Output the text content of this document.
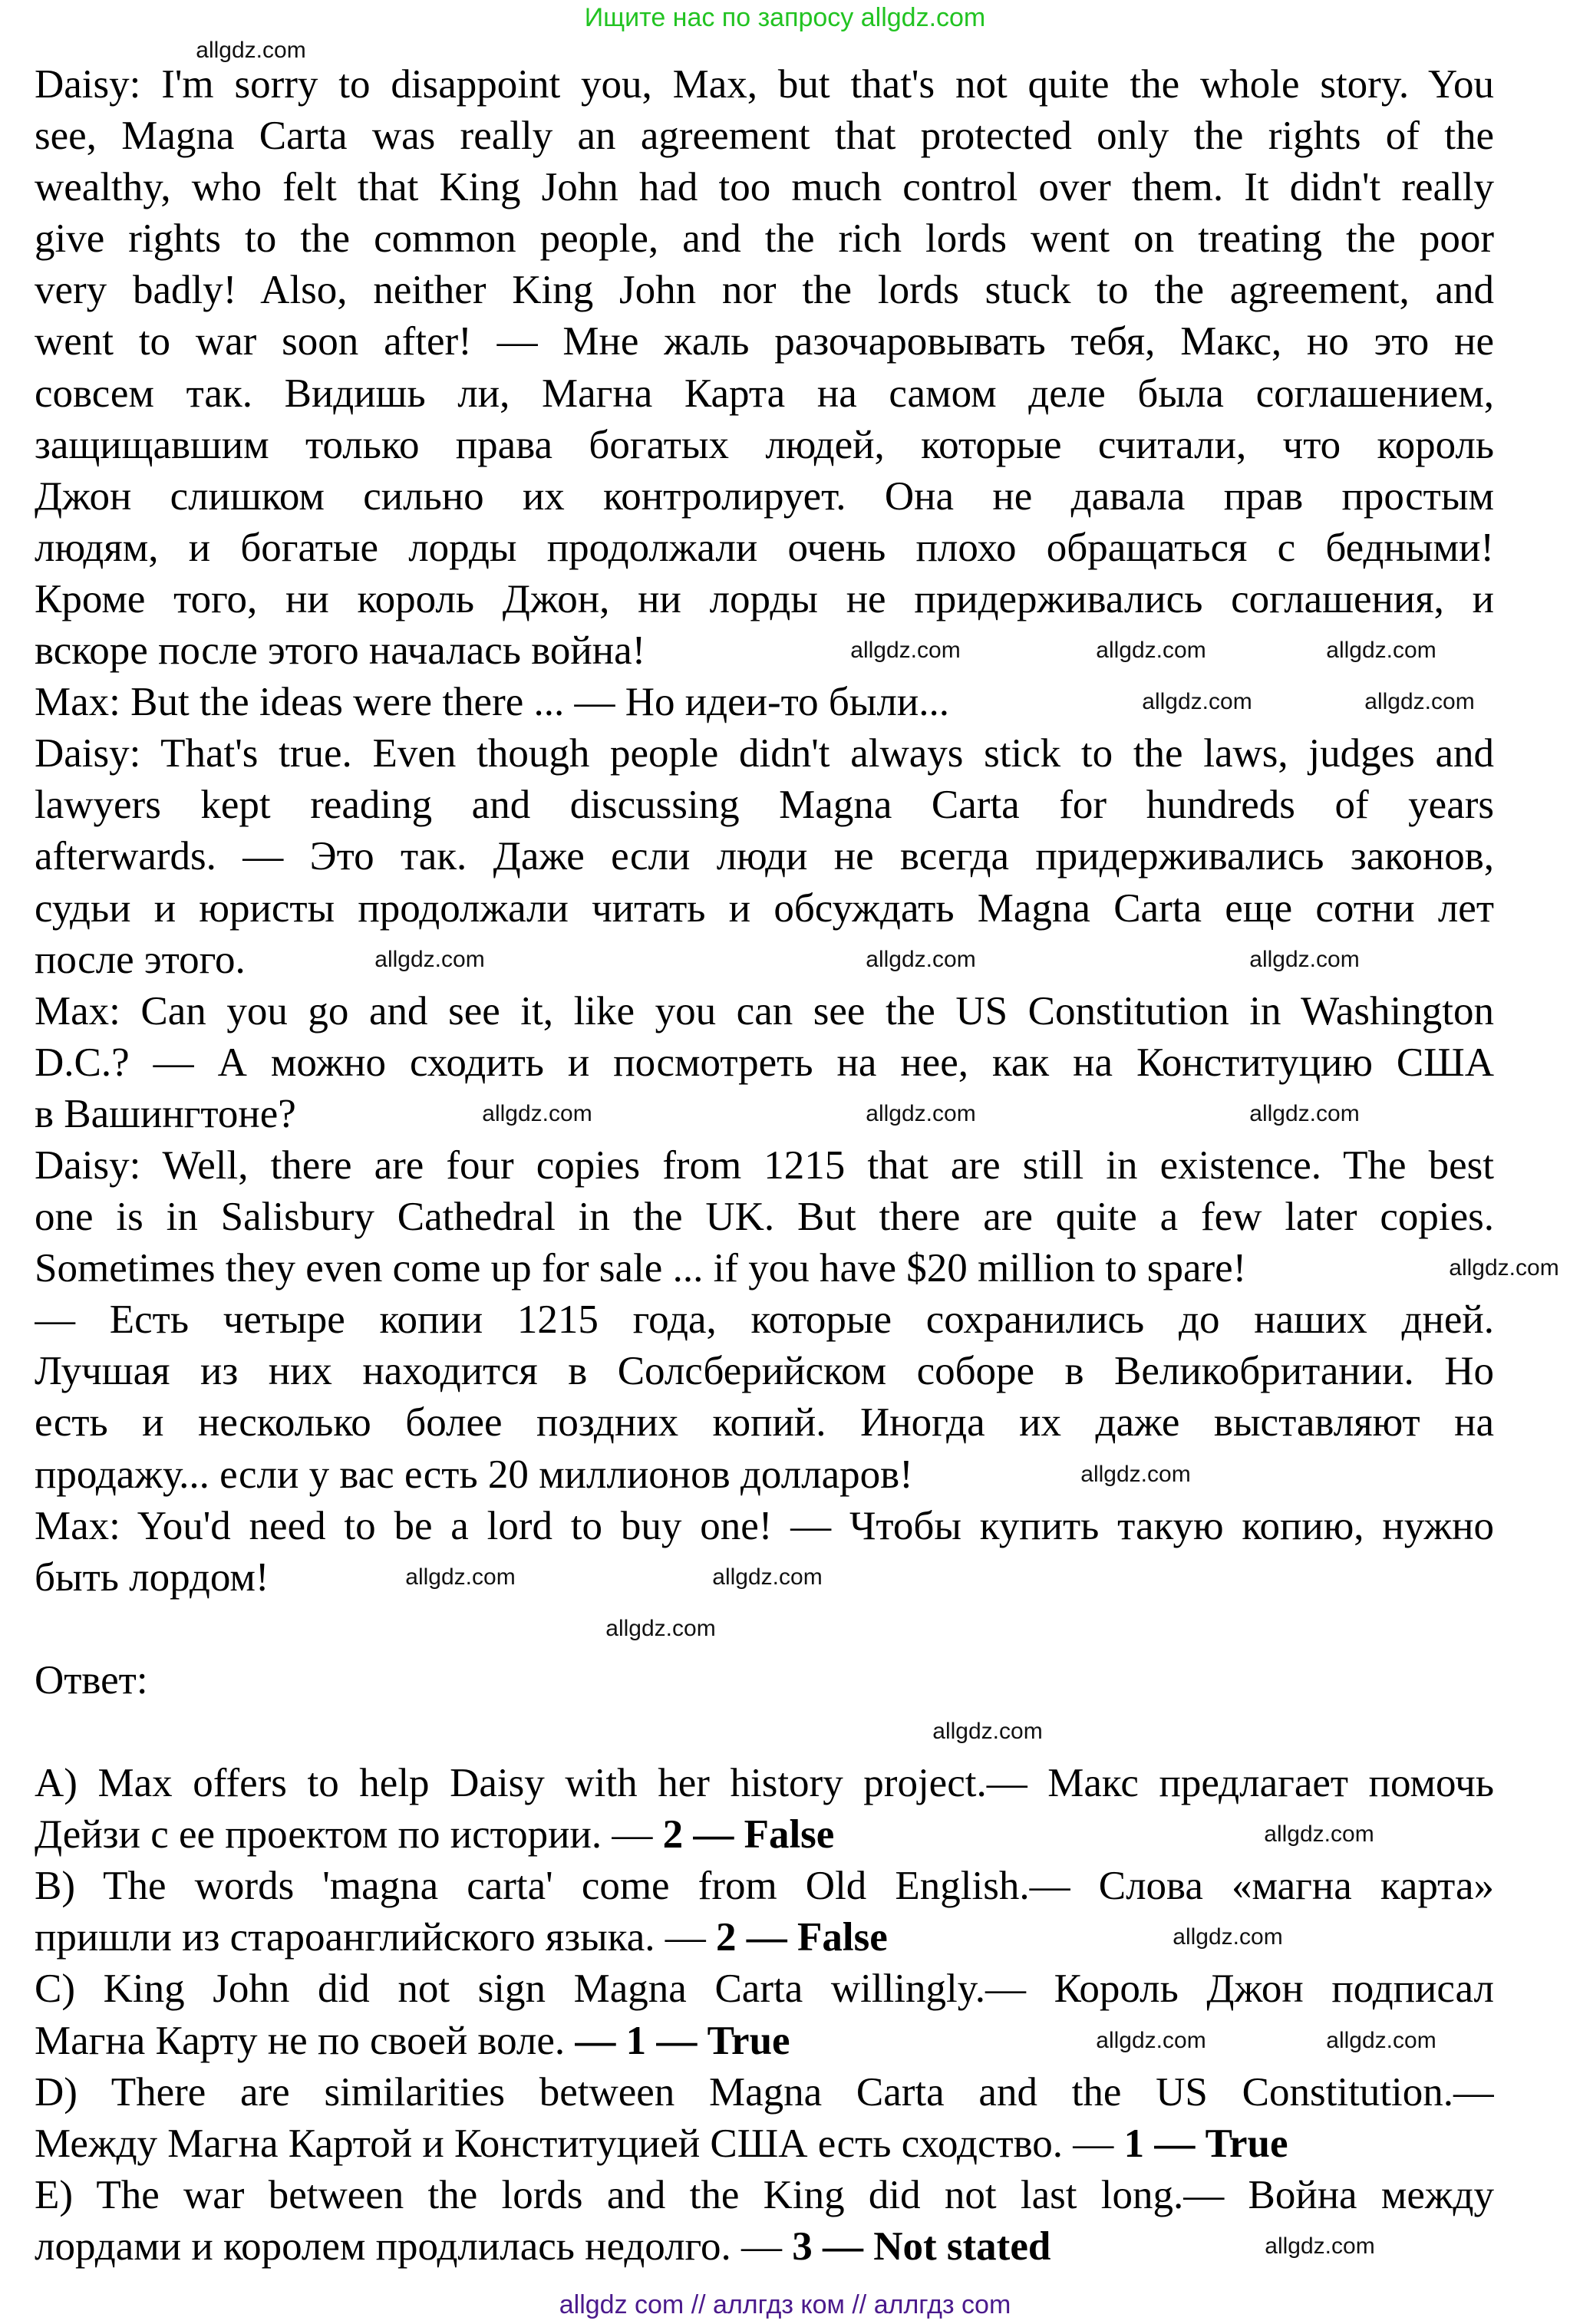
Ищите нас по запросу allgdz.com
Daisy: I'm sorry to disappoint you, Max, but that's not quite the whole story. You
see, Magna Carta was really an agreement that protected only the rights of the
wealthy, who felt that King John had too much control over them. It didn't really
give rights to the common people, and the rich lords went on treating the poor
very badly! Also, neither King John nor the lords stuck to the agreement, and
went to war soon after! — Мне жаль разочаровывать тебя, Макс, но это не
совсем так. Видишь ли, Магна Карта на самом деле была соглашением,
защищавшим только права богатых людей, которые считали, что король
Джон слишком сильно их контролирует. Она не давала прав простым
людям, и богатые лорды продолжали очень плохо обращаться с бедными!
Кроме того, ни король Джон, ни лорды не придерживались соглашения, и
вскоре после этого началась война!
Max: But the ideas were there ... — Но идеи-то были...
Daisy: That's true. Even though people didn't always stick to the laws, judges and
lawyers kept reading and discussing Magna Carta for hundreds of years
afterwards. — Это так. Даже если люди не всегда придерживались законов,
судьи и юристы продолжали читать и обсуждать Magna Carta еще сотни лет
после этого.
Max: Can you go and see it, like you can see the US Constitution in Washington
D.C.? — А можно сходить и посмотреть на нее, как на Конституцию США
в Вашингтоне?
Daisy: Well, there are four copies from 1215 that are still in existence. The best
one is in Salisbury Cathedral in the UK. But there are quite a few later copies.
Sometimes they even come up for sale ... if you have $20 million to spare!
— Есть четыре копии 1215 года, которые сохранились до наших дней.
Лучшая из них находится в Солсберийском соборе в Великобритании. Но
есть и несколько более поздних копий. Иногда их даже выставляют на
продажу... если у вас есть 20 миллионов долларов!
Max: You'd need to be a lord to buy one! — Чтобы купить такую копию, нужно
быть лордом!
Ответ:
A) Max offers to help Daisy with her history project.— Макс предлагает помочь
Дейзи с ее проектом по истории. — 2 — False
B) The words 'magna carta' come from Old English.— Слова «магна карта»
пришли из староанглийского языка. — 2 — False
C) King John did not sign Magna Carta willingly.— Король Джон подписал
Магна Карту не по своей воле. — 1 — True
D) There are similarities between Magna Carta and the US Constitution.—
Между Магна Картой и Конституцией США есть сходство. — 1 — True
E) The war between the lords and the King did not last long.— Война между
лордами и королем продлилась недолго. — 3 — Not stated
allgdz.com
allgdz.com	allgdz.com
allgdz.com
allgdz.com	allgdz.com
allgdz.com
allgdz.com
allgdz.com
allgdz.com
allgdz.com
allgdz.com
allgdz.com
allgdz.com
allgdz.com
allgdz.com
allgdz.com
allgdz.com
allgdz.com
allgdz.com
allgdz.com	allgdz.com
allgdz.com
allgdz com // аллгдз ком // аллгдз com
